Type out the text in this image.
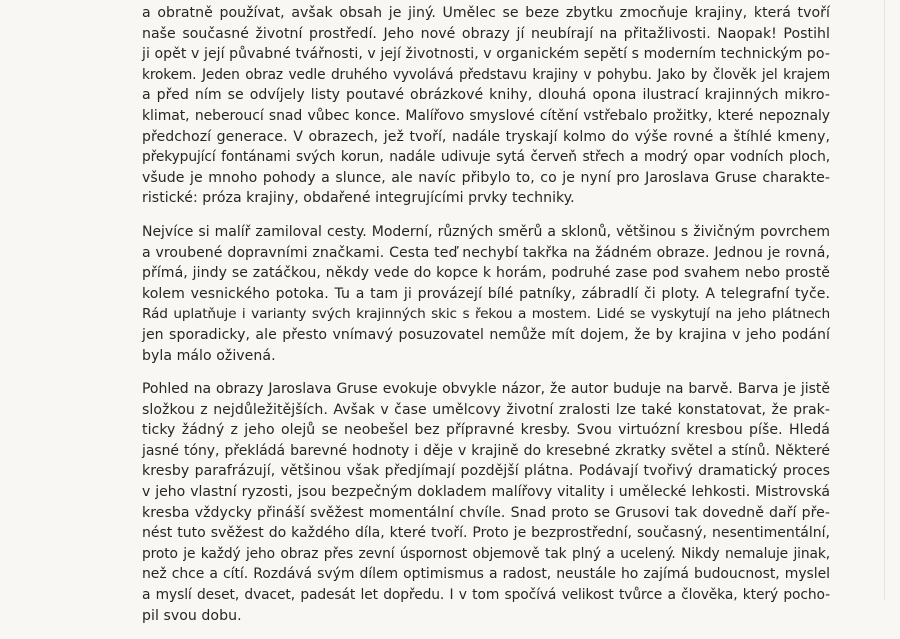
a obratně používat, avšak obsah je jiný. Umělec se beze zbytku zmocňuje krajiny, která tvoří
naše současné životní prostředí. Jeho nové obrazy jí neubírají na přitažlivosti. Naopak! Postihl
ji opět v její půvabné tvářnosti, v její životnosti, v organickém sepětí s moderním technickým po-
krokem. Jeden obraz vedle druhého vyvolává představu krajiny v pohybu. Jako by člověk jel krajem
a před ním se odvíjely listy poutavé obrázkové knihy, dlouhá opona ilustrací krajinných mikro-
klimat, neberoucí snad vůbec konce. Malířovo smyslové cítění vstřebalo prožitky, které nepoznaly
předchozí generace. V obrazech, jež tvoří, nadále tryskají kolmo do výše rovné a štíhlé kmeny,
překypující fontánami svých korun, nadále udivuje sytá červeň střech a modrý opar vodních ploch,
všude je mnoho pohody a slunce, ale navíc přibylo to, co je nyní pro Jaroslava Gruse charakte-
ristické: próza krajiny, obdařené integrujícími prvky techniky.
Nejvíce si malíř zamiloval cesty. Moderní, různých směrů a sklonů, většinou s živičným povrchem
a vroubené dopravními značkami. Cesta teď nechybí takřka na žádném obraze. Jednou je rovná,
přímá, jindy se zatáčkou, někdy vede do kopce k horám, podruhé zase pod svahem nebo prostě
kolem vesnického potoka. Tu a tam ji provázejí bílé patníky, zábradlí či ploty. A telegrafní tyče.
Rád uplatňuje i varianty svých krajinných skic s řekou a mostem. Lidé se vyskytují na jeho plátnech
jen sporadicky, ale přesto vnímavý posuzovatel nemůže mít dojem, že by krajina v jeho podání
byla málo oživená.
Pohled na obrazy Jaroslava Gruse evokuje obvykle názor, že autor buduje na barvě. Barva je jistě
složkou z nejdůležitějších. Avšak v čase umělcovy životní zralosti lze také konstatovat, že prak-
ticky žádný z jeho olejů se neobešel bez přípravné kresby. Svou virtuózní kresbou píše. Hledá
jasné tóny, překládá barevné hodnoty i děje v krajině do kresebné zkratky světel a stínů. Některé
kresby parafrázují, většinou však předjímají pozdější plátna. Podávají tvořivý dramatický proces
v jeho vlastní ryzosti, jsou bezpečným dokladem malířovy vitality i umělecké lehkosti. Mistrovská
kresba vždycky přináší svěžest momentální chvíle. Snad proto se Grusovi tak dovedně daří pře-
nést tuto svěžest do každého díla, které tvoří. Proto je bezprostřední, současný, nesentimentální,
proto je každý jeho obraz přes zevní úspornost objemově tak plný a ucelený. Nikdy nemaluje jinak,
než chce a cítí. Rozdává svým dílem optimismus a radost, neustále ho zajímá budoucnost, myslel
a myslí deset, dvacet, padesát let dopředu. I v tom spočívá velikost tvůrce a člověka, který pocho-
pil svou dobu.
